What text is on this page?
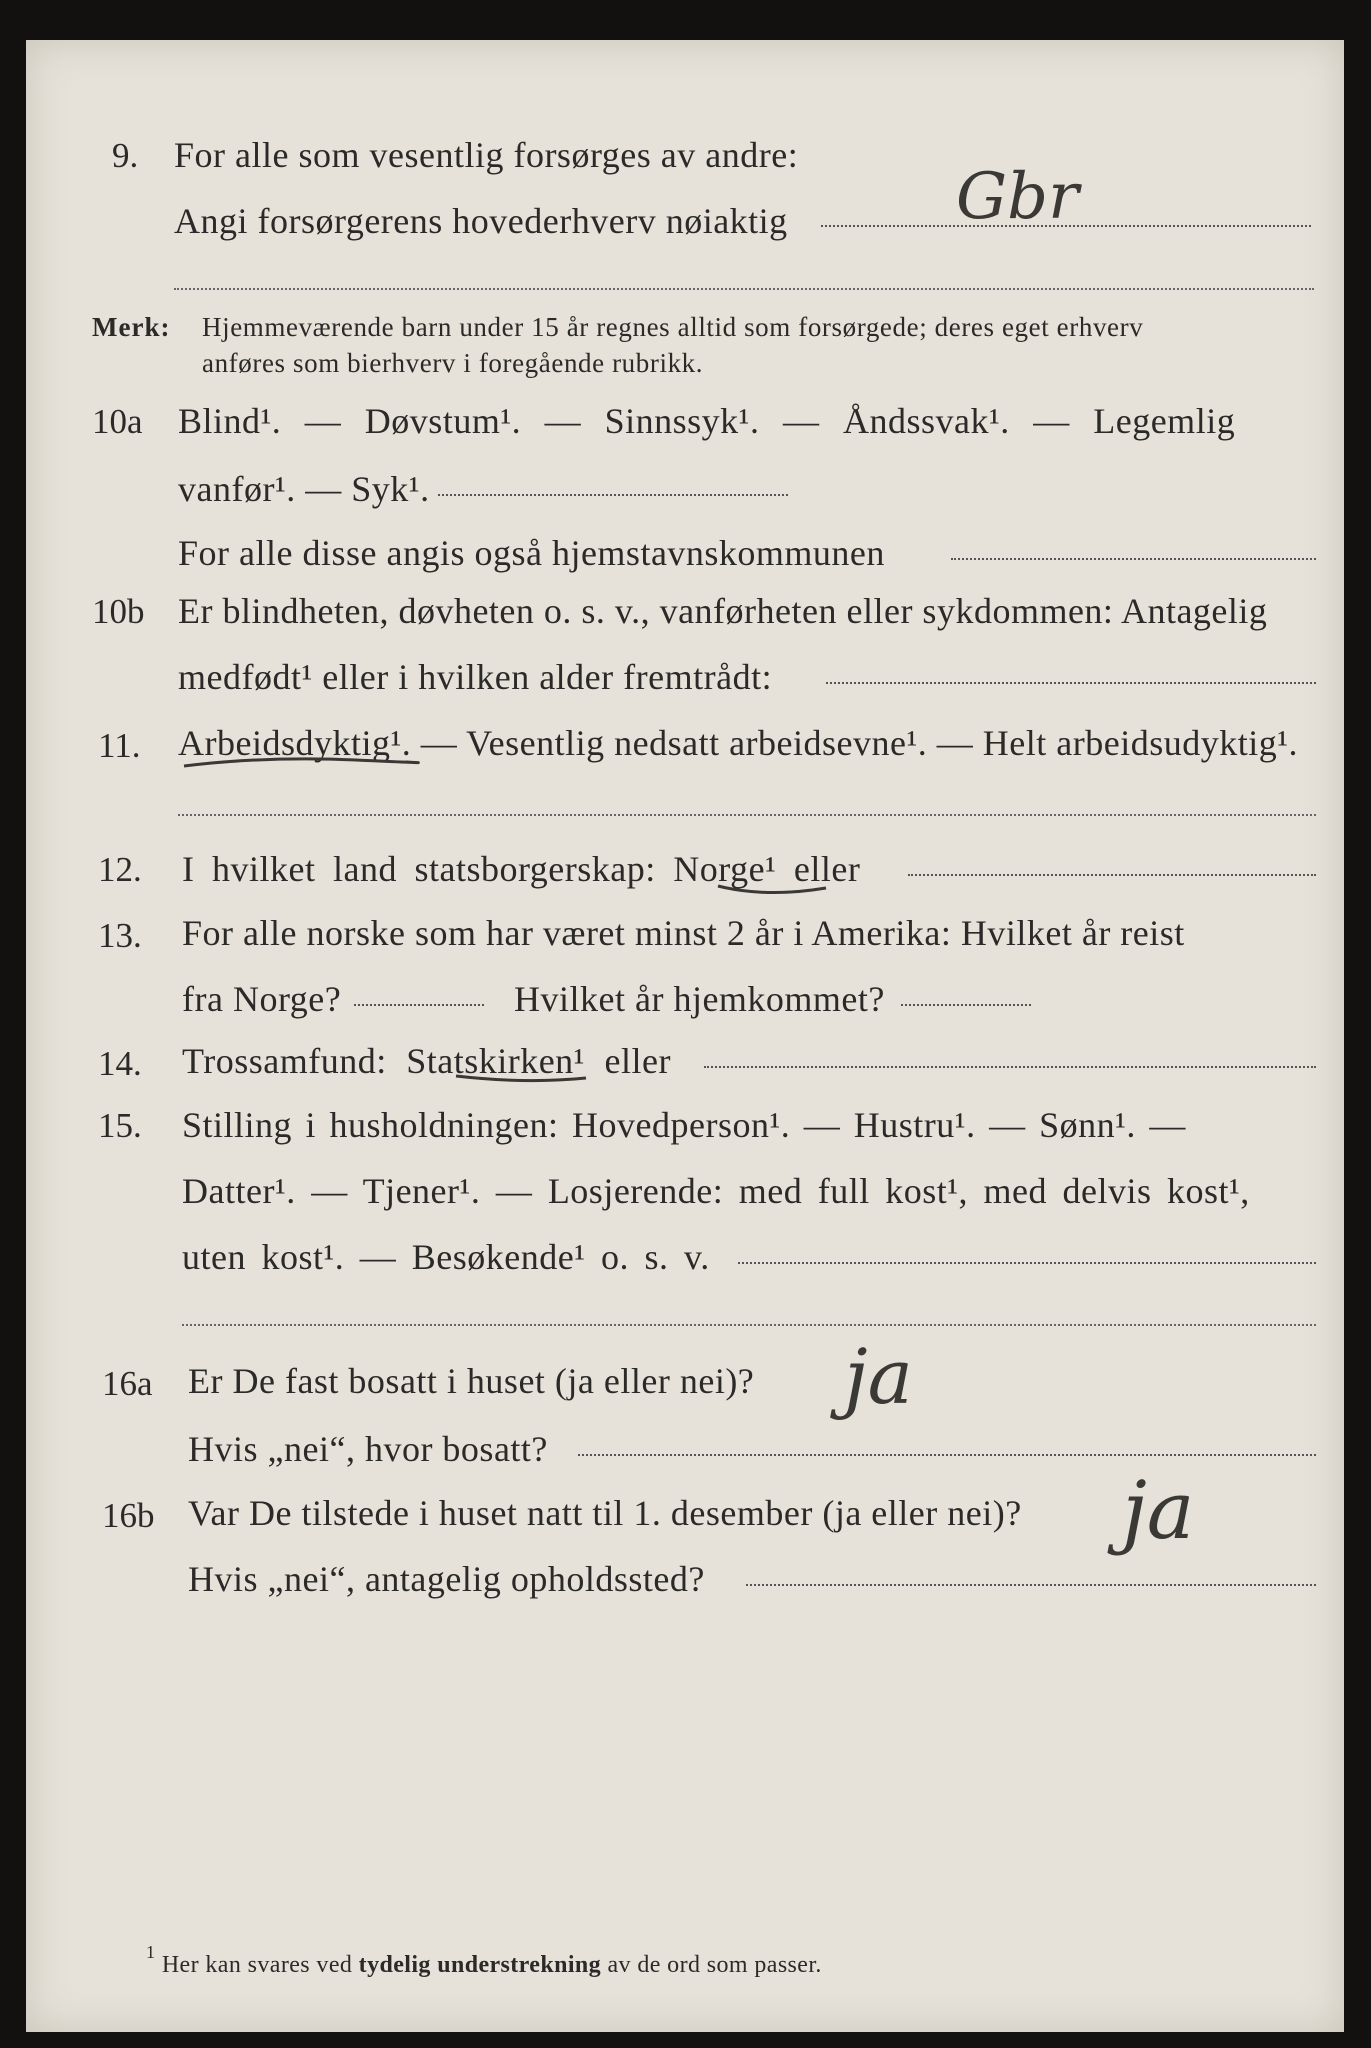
9. For alle som vesentlig forsørges av andre:
Angi forsørgerens hovederhverv nøiaktig	Gbr
Merk: Hjemmeværende barn under 15 år regnes alltid som forsørgede; deres eget erhverv
anføres som bierhverv i foregående rubrikk.
10a Blind¹. — Døvstum¹. — Sinnssyk¹. — Åndssvak¹. — Legemlig
vanfør¹. — Syk¹.
For alle disse angis også hjemstavnskommunen
10b Er blindheten, døvheten o. s. v., vanførheten eller sykdommen: Antagelig
medfødt¹ eller i hvilken alder fremtrådt:
11. Arbeidsdyktig¹. — Vesentlig nedsatt arbeidsevne¹. — Helt arbeidsudyktig¹.
12. I hvilket land statsborgerskap: Norge¹ eller
13. For alle norske som har været minst 2 år i Amerika: Hvilket år reist
fra Norge?	Hvilket år hjemkommet?
14. Trossamfund: Statskirken¹ eller
15. Stilling i husholdningen: Hovedperson¹. — Hustru¹. — Sønn¹. —
Datter¹. — Tjener¹. — Losjerende: med full kost¹, med delvis kost¹,
uten kost¹. — Besøkende¹ o. s. v.
16a Er De fast bosatt i huset (ja eller nei)? ja
Hvis „nei“, hvor bosatt?
16b Var De tilstede i huset natt til 1. desember (ja eller nei)? ja
Hvis „nei“, antagelig opholdssted?
$^1$ Her kan svares ved tydelig understrekning av de ord som passer.
